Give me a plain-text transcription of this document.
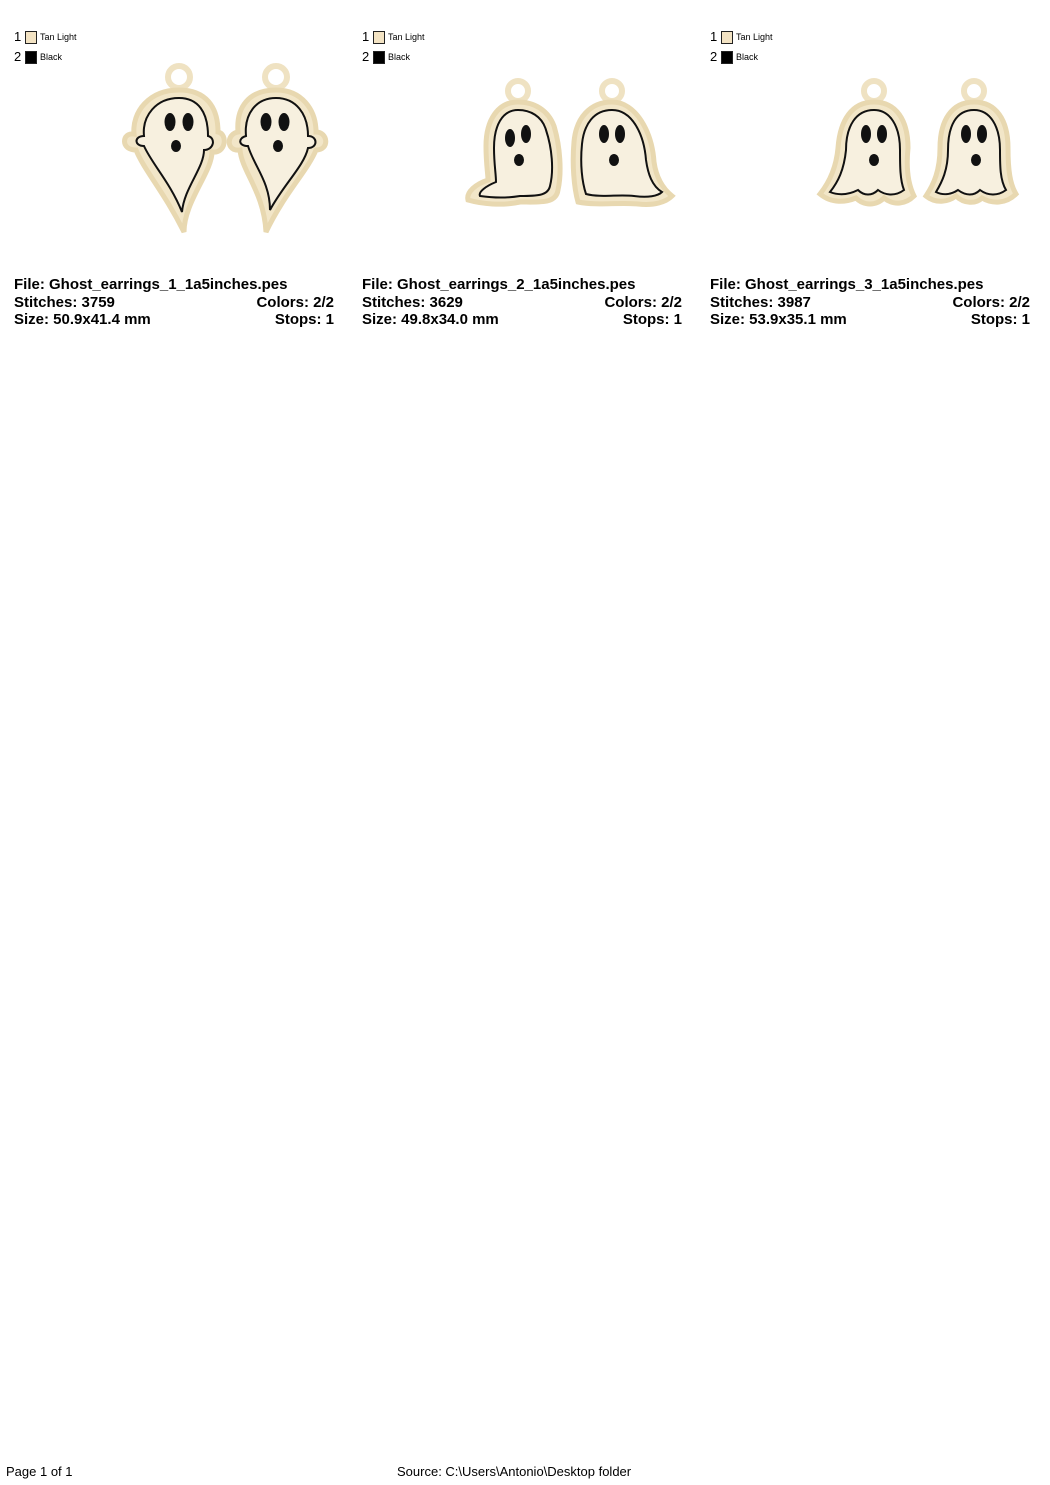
1	Tan Light
2	Black
File: Ghost_earrings_1_1a5inches.pes
Stitches: 3759	Colors: 2/2
Size: 50.9x41.4 mm	Stops: 1
1	Tan Light
2	Black
File: Ghost_earrings_2_1a5inches.pes
Stitches: 3629	Colors: 2/2
Size: 49.8x34.0 mm	Stops: 1
1	Tan Light
2	Black
File: Ghost_earrings_3_1a5inches.pes
Stitches: 3987	Colors: 2/2
Size: 53.9x35.1 mm	Stops: 1
Page 1 of 1	Source: C:\Users\Antonio\Desktop folder
